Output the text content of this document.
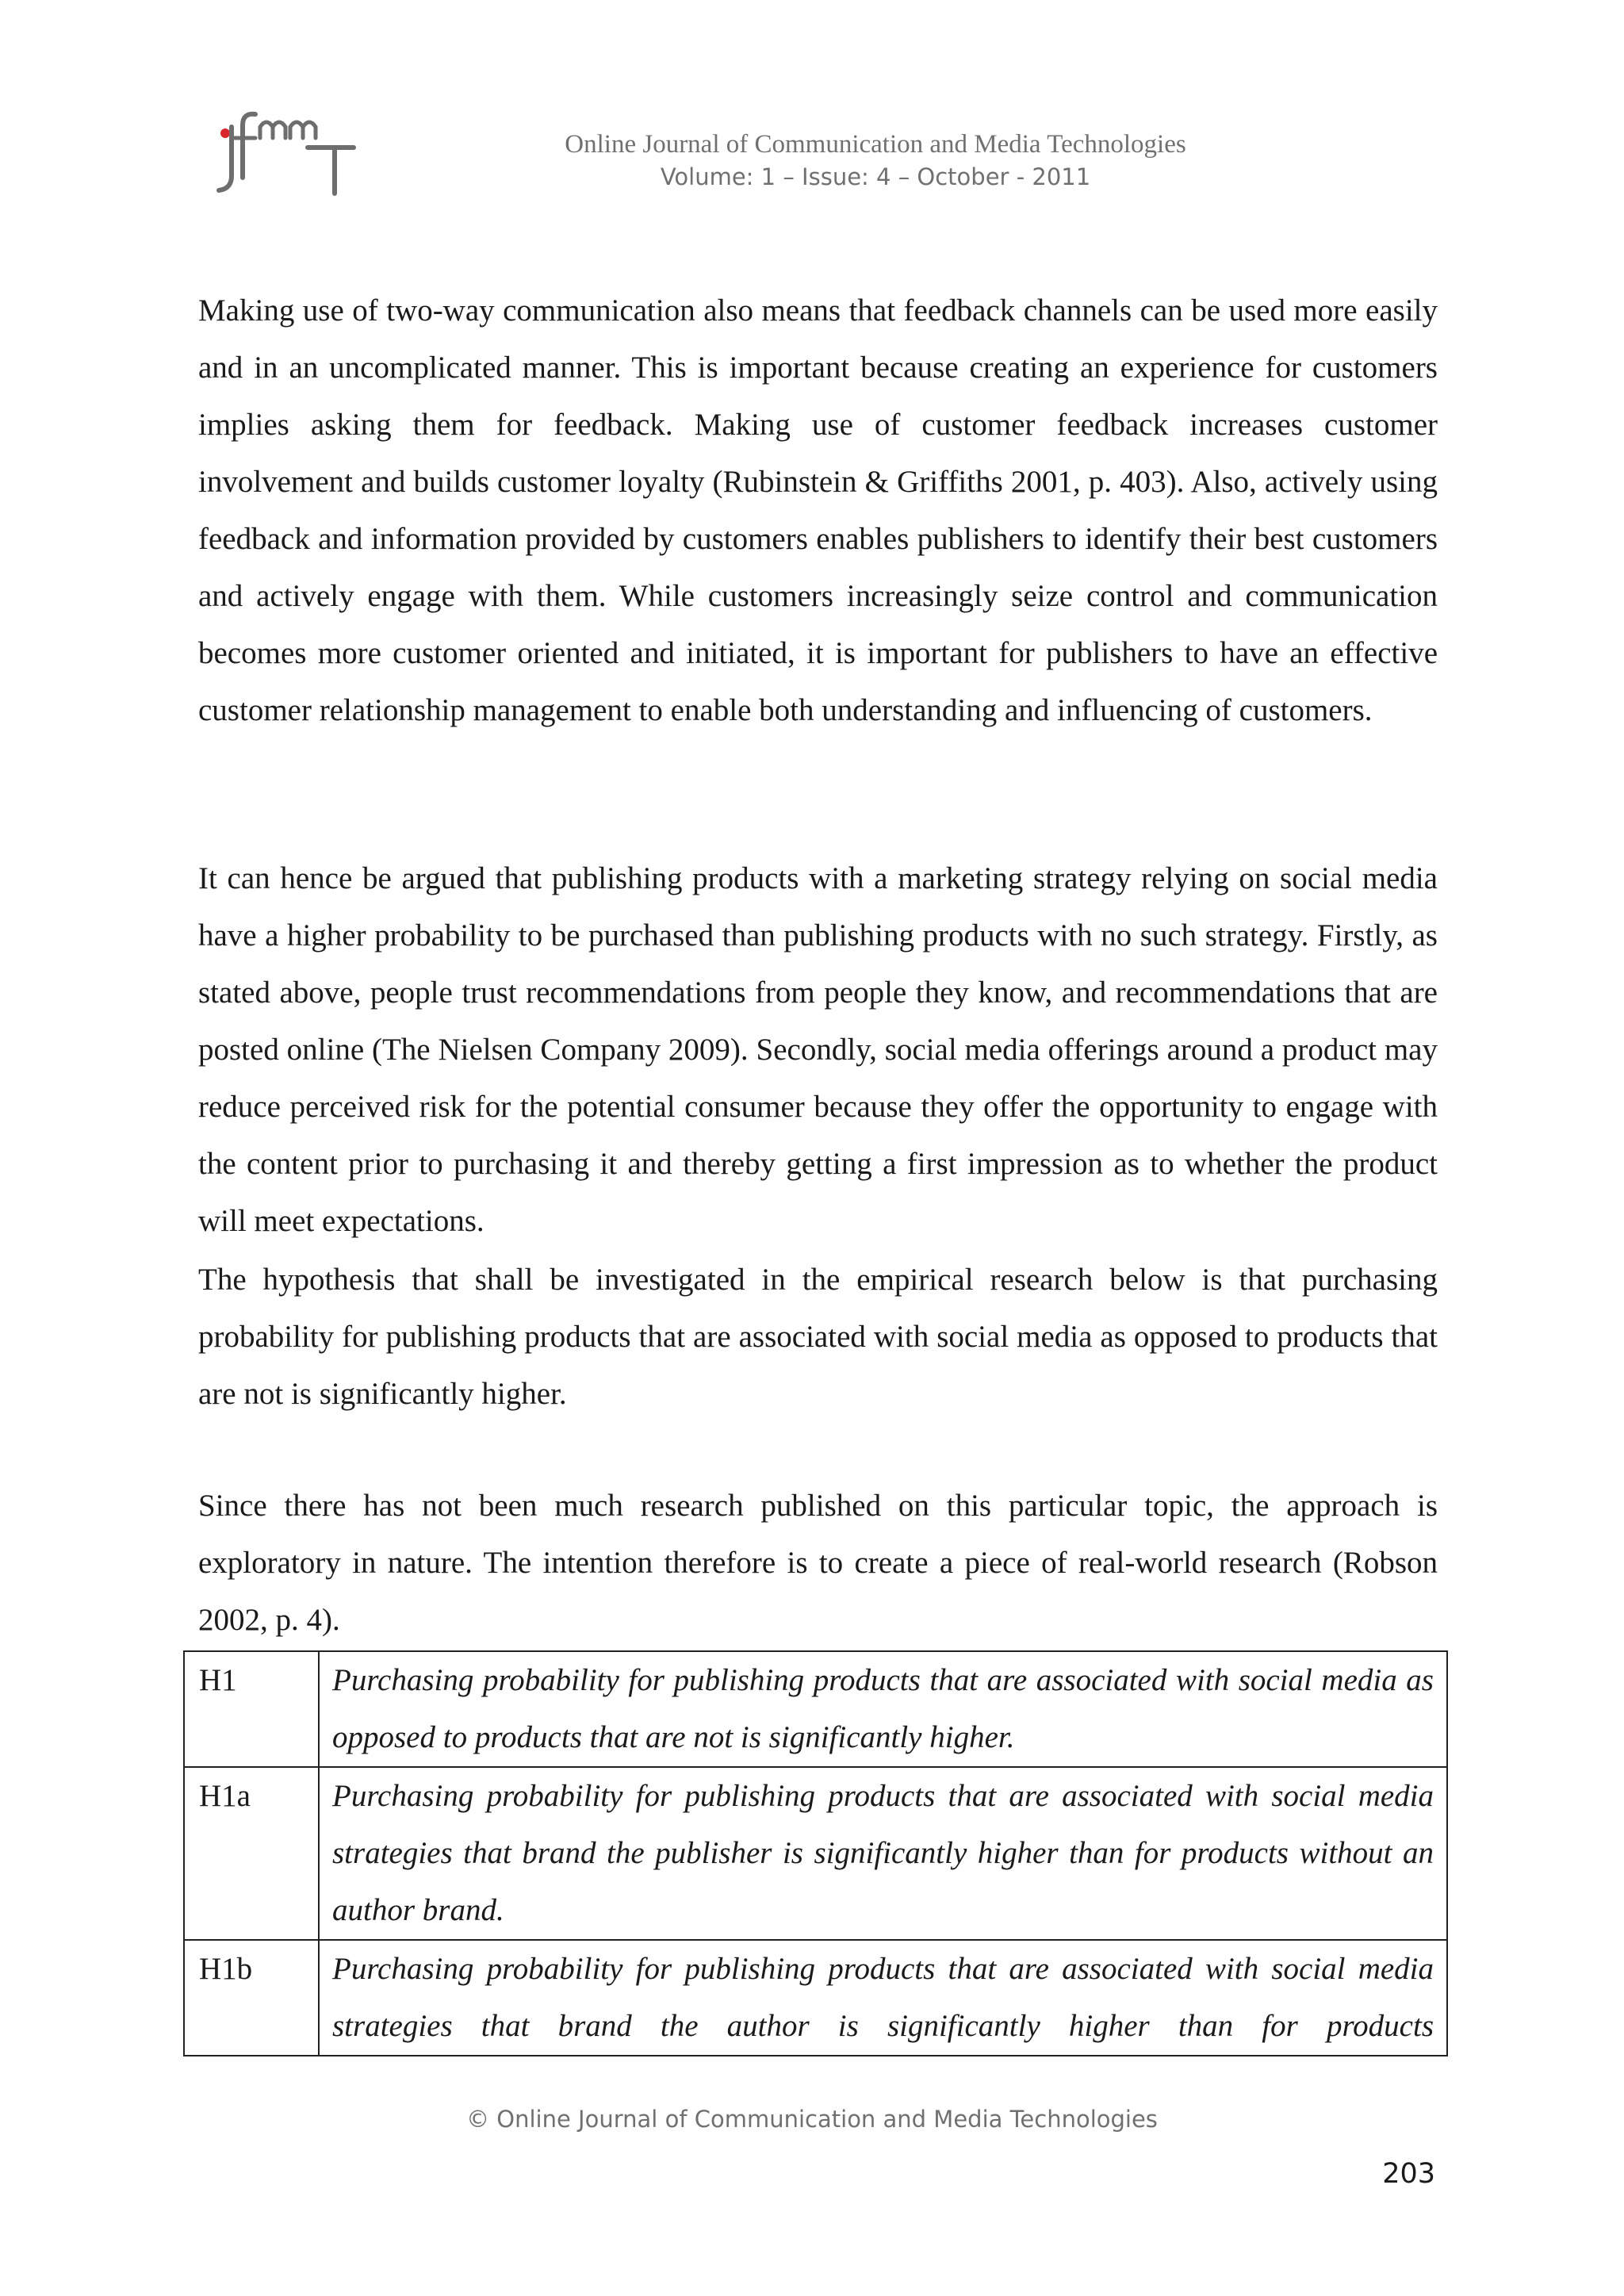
Online Journal of Communication and Media Technologies
Volume: 1 – Issue: 4 – October - 2011

Making use of two-way communication also means that feedback channels can be used more easily and in an uncomplicated manner. This is important because creating an experience for customers implies asking them for feedback. Making use of customer feedback increases customer involvement and builds customer loyalty (Rubinstein & Griffiths 2001, p. 403). Also, actively using feedback and information provided by customers enables publishers to identify their best customers and actively engage with them. While customers increasingly seize control and communication becomes more customer oriented and initiated, it is important for publishers to have an effective customer relationship management to enable both understanding and influencing of customers.

It can hence be argued that publishing products with a marketing strategy relying on social media have a higher probability to be purchased than publishing products with no such strategy. Firstly, as stated above, people trust recommendations from people they know, and recommendations that are posted online (The Nielsen Company 2009). Secondly, social media offerings around a product may reduce perceived risk for the potential consumer because they offer the opportunity to engage with the content prior to purchasing it and thereby getting a first impression as to whether the product will meet expectations.

The hypothesis that shall be investigated in the empirical research below is that purchasing probability for publishing products that are associated with social media as opposed to products that are not is significantly higher.

Since there has not been much research published on this particular topic, the approach is exploratory in nature. The intention therefore is to create a piece of real-world research (Robson 2002, p. 4).

H1	Purchasing probability for publishing products that are associated with social media as opposed to products that are not is significantly higher.
H1a	Purchasing probability for publishing products that are associated with social media strategies that brand the publisher is significantly higher than for products without an author brand.
H1b	Purchasing probability for publishing products that are associated with social media strategies that brand the author is significantly higher than for products
© Online Journal of Communication and Media Technologies
203
